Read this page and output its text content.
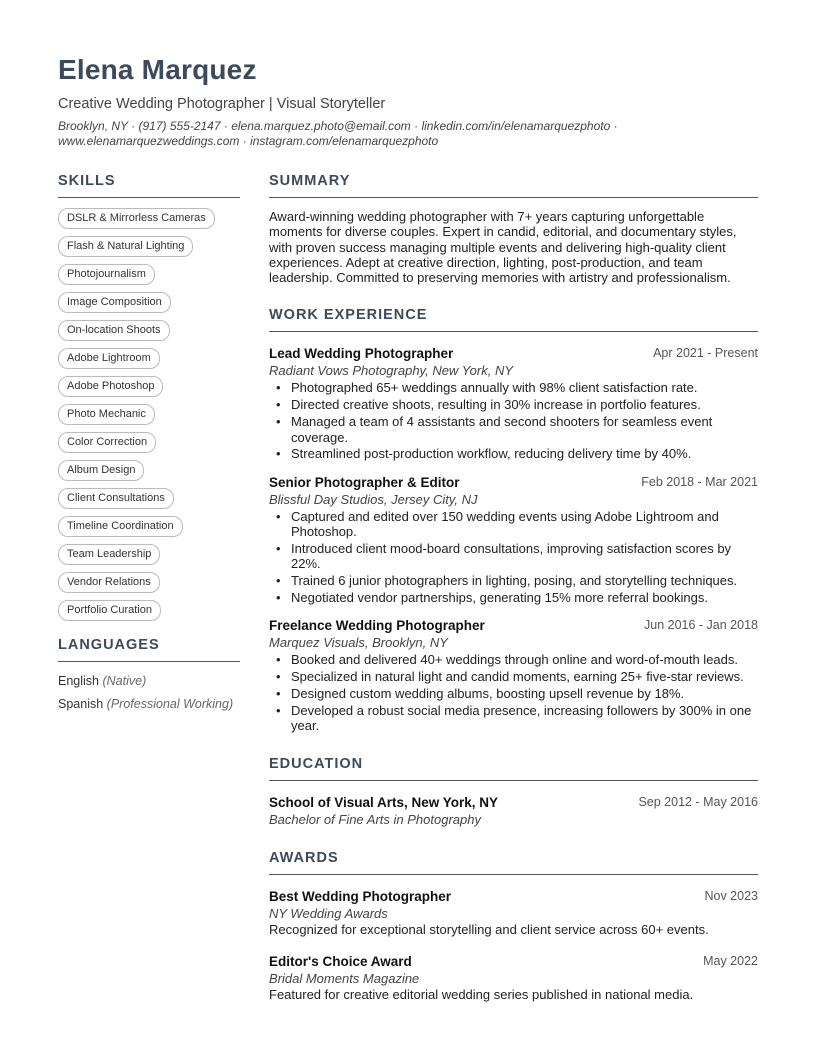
Elena Marquez
Creative Wedding Photographer | Visual Storyteller
Brooklyn, NY · (917) 555-2147 · elena.marquez.photo@email.com · linkedin.com/in/elenamarquezphoto ·
www.elenamarquezweddings.com · instagram.com/elenamarquezphoto
SKILLS
DSLR & Mirrorless Cameras
Flash & Natural Lighting
Photojournalism
Image Composition
On-location Shoots
Adobe Lightroom
Adobe Photoshop
Photo Mechanic
Color Correction
Album Design
Client Consultations
Timeline Coordination
Team Leadership
Vendor Relations
Portfolio Curation
LANGUAGES
English (Native)
Spanish (Professional Working)
SUMMARY
Award-winning wedding photographer with 7+ years capturing unforgettable moments for diverse couples. Expert in candid, editorial, and documentary styles, with proven success managing multiple events and delivering high-quality client experiences. Adept at creative direction, lighting, post-production, and team leadership. Committed to preserving memories with artistry and professionalism.
WORK EXPERIENCE
Lead Wedding Photographer	Apr 2021 - Present
Radiant Vows Photography, New York, NY
• Photographed 65+ weddings annually with 98% client satisfaction rate.
• Directed creative shoots, resulting in 30% increase in portfolio features.
• Managed a team of 4 assistants and second shooters for seamless event coverage.
• Streamlined post-production workflow, reducing delivery time by 40%.
Senior Photographer & Editor	Feb 2018 - Mar 2021
Blissful Day Studios, Jersey City, NJ
• Captured and edited over 150 wedding events using Adobe Lightroom and Photoshop.
• Introduced client mood-board consultations, improving satisfaction scores by 22%.
• Trained 6 junior photographers in lighting, posing, and storytelling techniques.
• Negotiated vendor partnerships, generating 15% more referral bookings.
Freelance Wedding Photographer	Jun 2016 - Jan 2018
Marquez Visuals, Brooklyn, NY
• Booked and delivered 40+ weddings through online and word-of-mouth leads.
• Specialized in natural light and candid moments, earning 25+ five-star reviews.
• Designed custom wedding albums, boosting upsell revenue by 18%.
• Developed a robust social media presence, increasing followers by 300% in one year.
EDUCATION
School of Visual Arts, New York, NY	Sep 2012 - May 2016
Bachelor of Fine Arts in Photography
AWARDS
Best Wedding Photographer	Nov 2023
NY Wedding Awards
Recognized for exceptional storytelling and client service across 60+ events.
Editor's Choice Award	May 2022
Bridal Moments Magazine
Featured for creative editorial wedding series published in national media.
